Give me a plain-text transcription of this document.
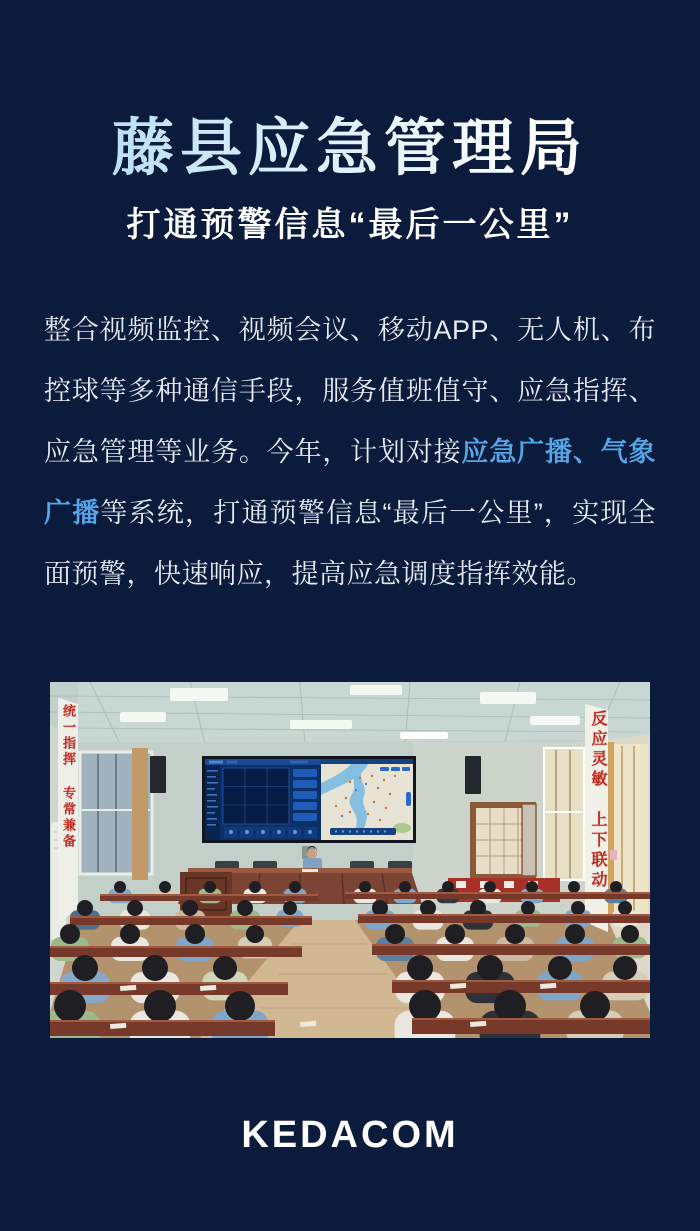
藤县应急管理局
打通预警信息“最后一公里”
整合视频监控、视频会议、移动APP、无人机、布控球等多种通信手段，服务值班值守、应急指挥、应急管理等业务。今年，计划对接应急广播、气象广播等系统，打通预警信息“最后一公里”，实现全面预警，快速响应，提高应急调度指挥效能。
统一指挥 专常兼备	反应灵敏 上下联动
KEDACOM
